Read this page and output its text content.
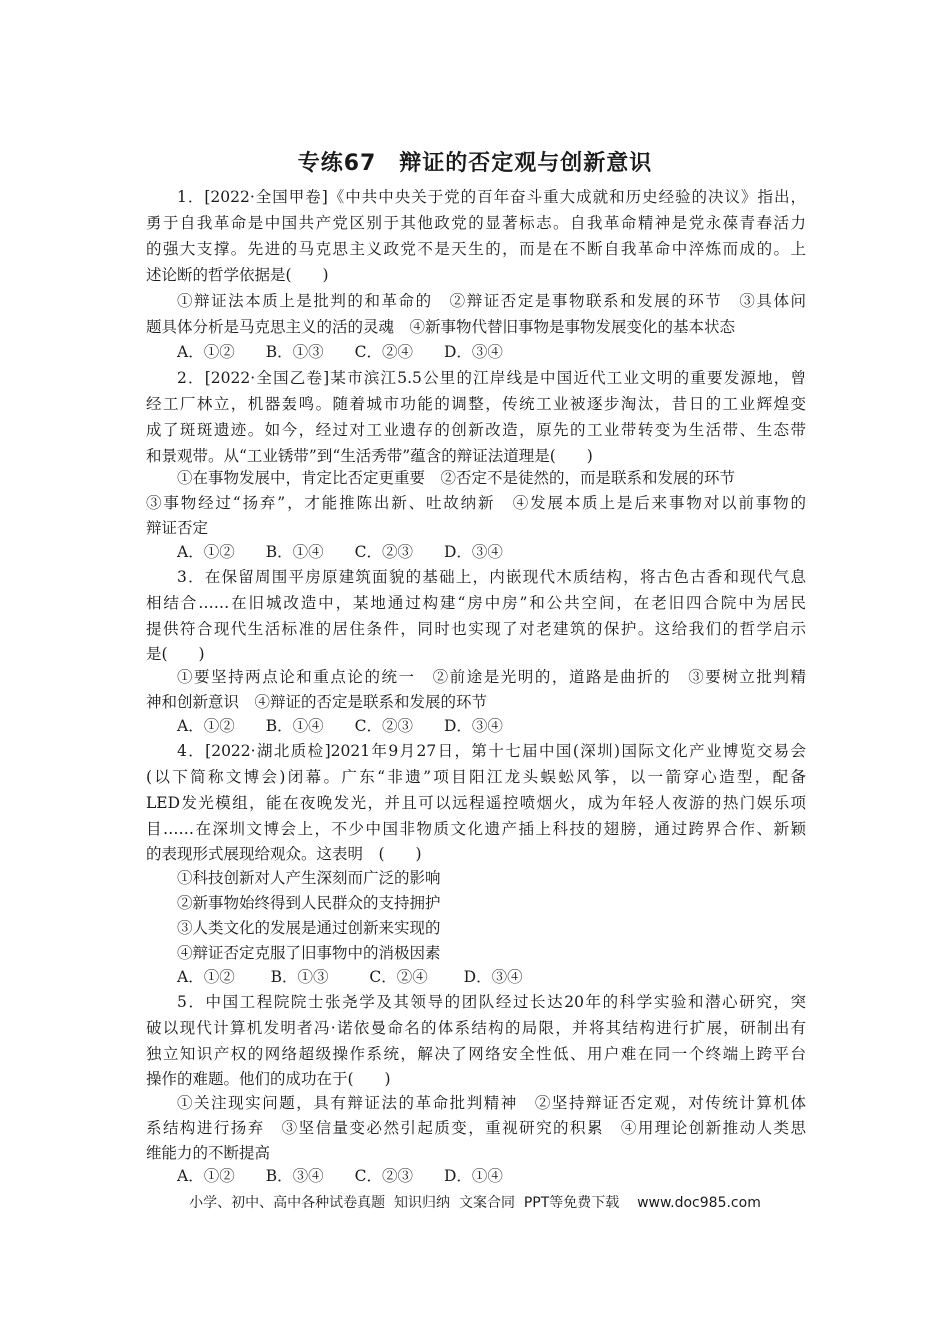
专练67　辩证的否定观与创新意识
1．[2022·全国甲卷]《中共中央关于党的百年奋斗重大成就和历史经验的决议》指出，
勇于自我革命是中国共产党区别于其他政党的显著标志。自我革命精神是党永葆青春活力
的强大支撑。先进的马克思主义政党不是天生的，而是在不断自我革命中淬炼而成的。上
述论断的哲学依据是(　　)
①辩证法本质上是批判的和革命的　②辩证否定是事物联系和发展的环节　③具体问
题具体分析是马克思主义的活的灵魂　④新事物代替旧事物是事物发展变化的基本状态
A．①②　　B．①③　　C．②④　　D．③④
2．[2022·全国乙卷]某市滨江5.5公里的江岸线是中国近代工业文明的重要发源地，曾
经工厂林立，机器轰鸣。随着城市功能的调整，传统工业被逐步淘汰，昔日的工业辉煌变
成了斑斑遗迹。如今，经过对工业遗存的创新改造，原先的工业带转变为生活带、生态带
和景观带。从“工业锈带”到“生活秀带”蕴含的辩证法道理是(　　)
①在事物发展中，肯定比否定更重要　②否定不是徒然的，而是联系和发展的环节
③事物经过“扬弃”，才能推陈出新、吐故纳新　④发展本质上是后来事物对以前事物的
辩证否定
A．①②　　B．①④　　C．②③　　D．③④
3．在保留周围平房原建筑面貌的基础上，内嵌现代木质结构，将古色古香和现代气息
相结合……在旧城改造中，某地通过构建“房中房”和公共空间，在老旧四合院中为居民
提供符合现代生活标准的居住条件，同时也实现了对老建筑的保护。这给我们的哲学启示
是(　　)
①要坚持两点论和重点论的统一　②前途是光明的，道路是曲折的　③要树立批判精
神和创新意识　④辩证的否定是联系和发展的环节
A．①②　　B．①④　　C．②③　　D．③④
4．[2022·湖北质检]2021年9月27日，第十七届中国(深圳)国际文化产业博览交易会
(以下简称文博会)闭幕。广东“非遗”项目阳江龙头蜈蚣风筝，以一箭穿心造型，配备
LED发光模组，能在夜晚发光，并且可以远程遥控喷烟火，成为年轻人夜游的热门娱乐项
目……在深圳文博会上，不少中国非物质文化遗产插上科技的翅膀，通过跨界合作、新颖
的表现形式展现给观众。这表明　(　　)
①科技创新对人产生深刻而广泛的影响
②新事物始终得到人民群众的支持拥护
③人类文化的发展是通过创新来实现的
④辩证否定克服了旧事物中的消极因素
A．①②　　 B．①③　　  C．②④　　 D．③④
5．中国工程院院士张尧学及其领导的团队经过长达20年的科学实验和潜心研究，突
破以现代计算机发明者冯·诺依曼命名的体系结构的局限，并将其结构进行扩展，研制出有
独立知识产权的网络超级操作系统，解决了网络安全性低、用户难在同一个终端上跨平台
操作的难题。他们的成功在于(　　)
①关注现实问题，具有辩证法的革命批判精神　②坚持辩证否定观，对传统计算机体
系结构进行扬弃　③坚信量变必然引起质变，重视研究的积累　④用理论创新推动人类思
维能力的不断提高
A．①②　　B．③④　　C．②③　　D．①④
小学、初中、高中各种试卷真题  知识归纳  文案合同  PPT等免费下载    www.doc985.com
